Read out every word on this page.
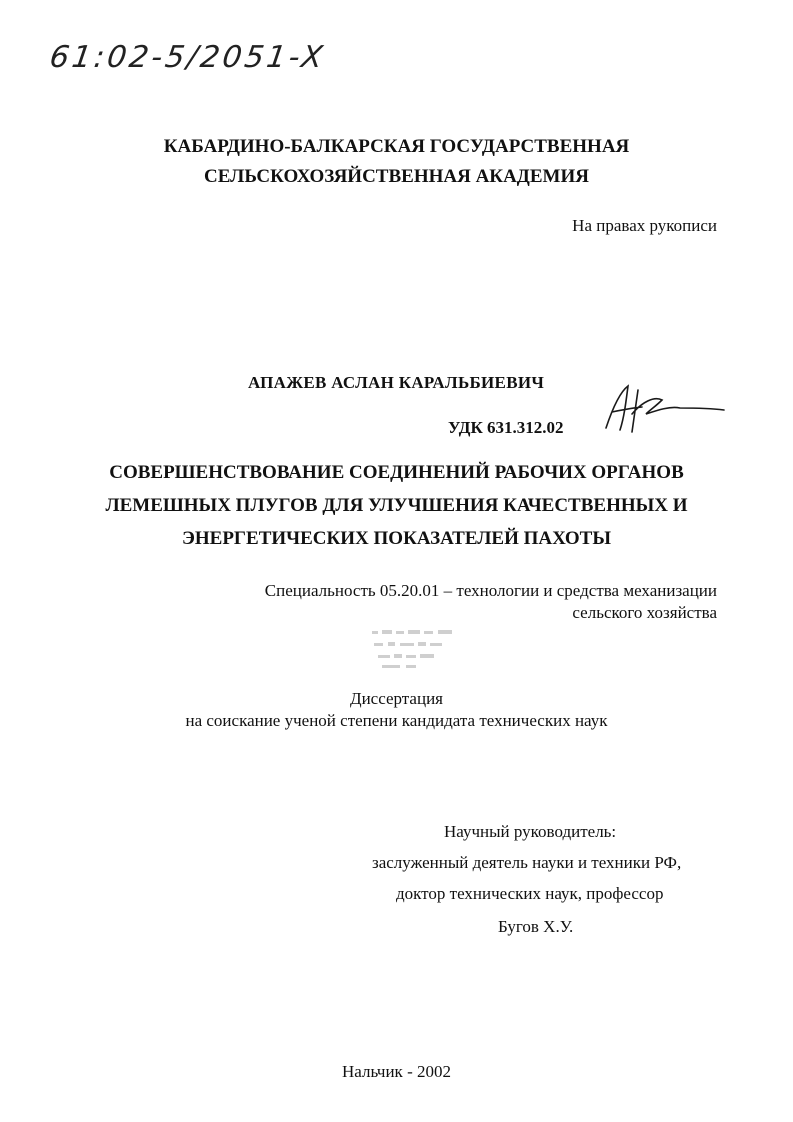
61:02-5/2051-X
КАБАРДИНО-БАЛКАРСКАЯ ГОСУДАРСТВЕННАЯ
СЕЛЬСКОХОЗЯЙСТВЕННАЯ АКАДЕМИЯ
На правах рукописи
АПАЖЕВ АСЛАН КАРАЛЬБИЕВИЧ
УДК 631.312.02
СОВЕРШЕНСТВОВАНИЕ СОЕДИНЕНИЙ РАБОЧИХ ОРГАНОВ
ЛЕМЕШНЫХ ПЛУГОВ ДЛЯ УЛУЧШЕНИЯ КАЧЕСТВЕННЫХ И
ЭНЕРГЕТИЧЕСКИХ ПОКАЗАТЕЛЕЙ ПАХОТЫ
Специальность 05.20.01 – технологии и средства механизации
сельского хозяйства
Диссертация
на соискание ученой степени кандидата технических наук
Научный руководитель:
заслуженный деятель науки и техники РФ,
доктор технических наук, профессор
Бугов Х.У.
Нальчик - 2002
